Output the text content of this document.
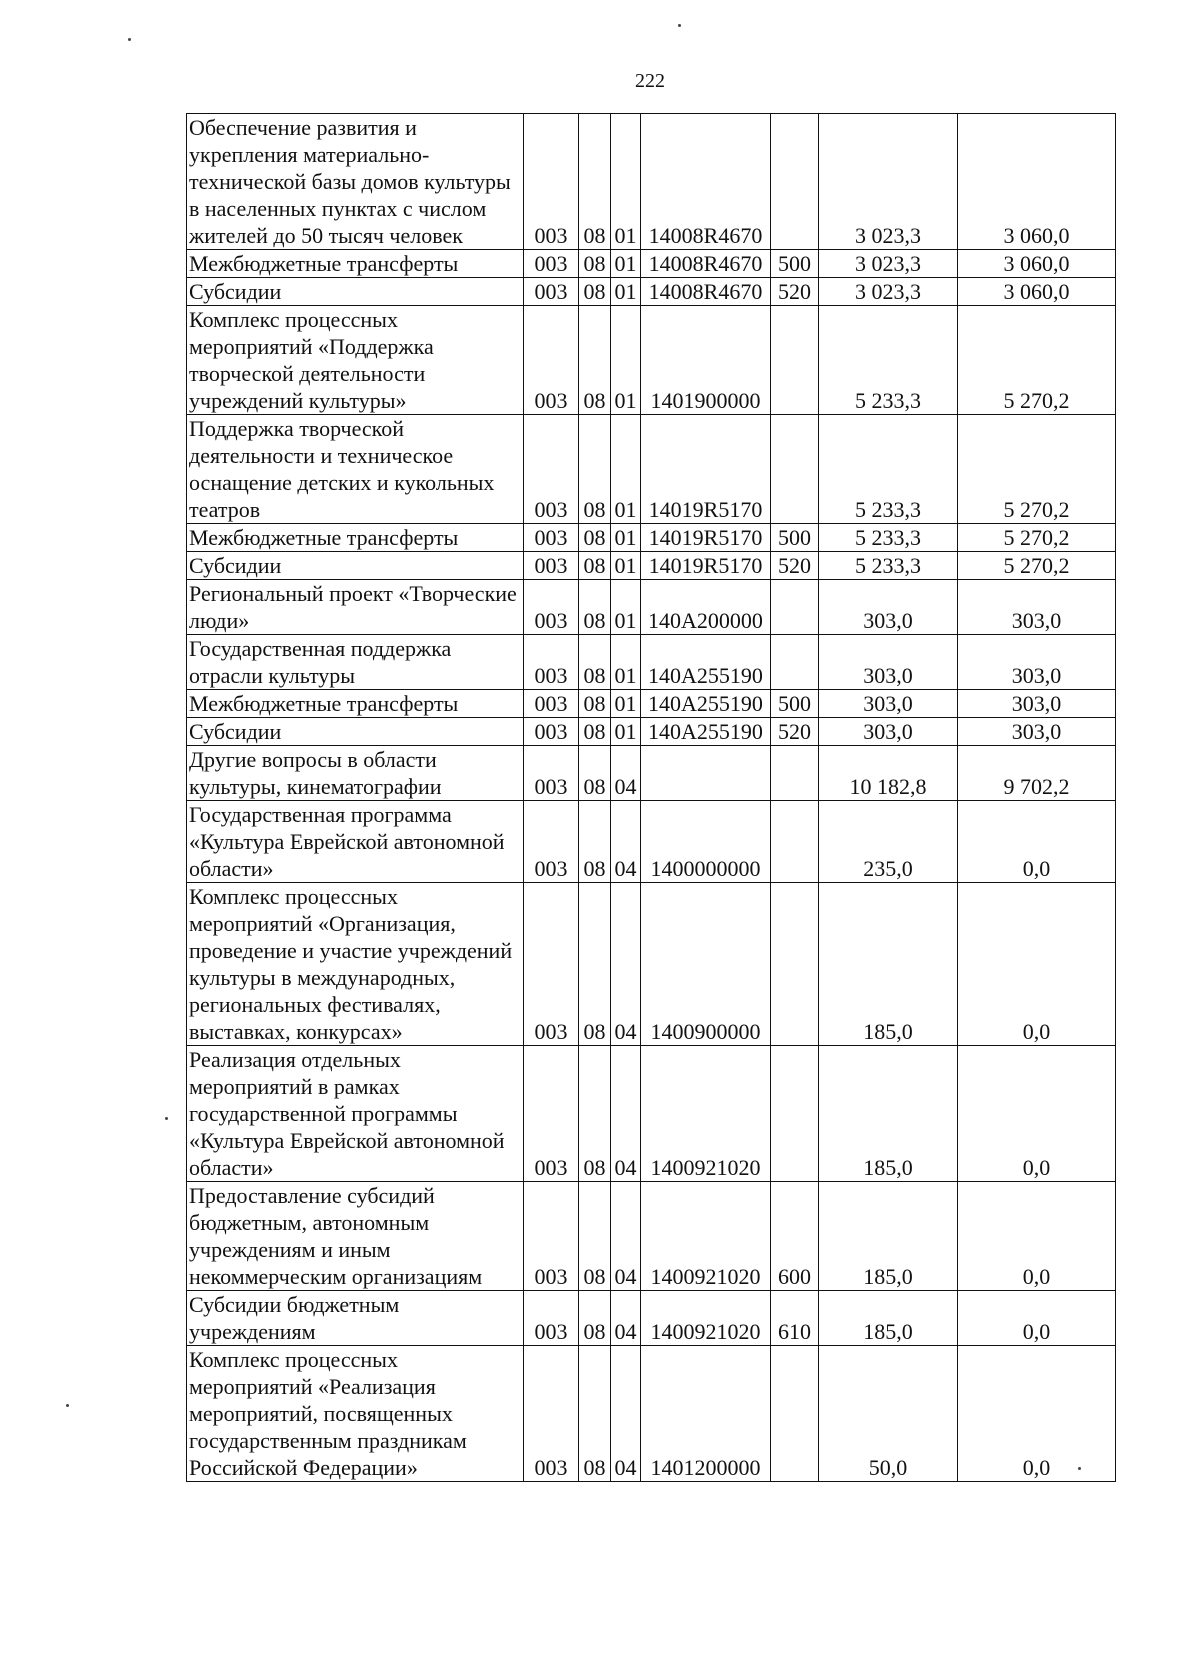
222
Обеспечение развития и укрепления материально-технической базы домов культуры в населенных пунктах с числом жителей до 50 тысяч человек	003	08	01	14008R4670		3 023,3	3 060,0
Межбюджетные трансферты	003	08	01	14008R4670	500	3 023,3	3 060,0
Субсидии	003	08	01	14008R4670	520	3 023,3	3 060,0
Комплекс процессных мероприятий «Поддержка творческой деятельности учреждений культуры»	003	08	01	1401900000		5 233,3	5 270,2
Поддержка творческой деятельности и техническое оснащение детских и кукольных театров	003	08	01	14019R5170		5 233,3	5 270,2
Межбюджетные трансферты	003	08	01	14019R5170	500	5 233,3	5 270,2
Субсидии	003	08	01	14019R5170	520	5 233,3	5 270,2
Региональный проект «Творческие люди»	003	08	01	140A200000		303,0	303,0
Государственная поддержка отрасли культуры	003	08	01	140A255190		303,0	303,0
Межбюджетные трансферты	003	08	01	140A255190	500	303,0	303,0
Субсидии	003	08	01	140A255190	520	303,0	303,0
Другие вопросы в области культуры, кинематографии	003	08	04			10 182,8	9 702,2
Государственная программа «Культура Еврейской автономной области»	003	08	04	1400000000		235,0	0,0
Комплекс процессных мероприятий «Организация, проведение и участие учреждений культуры в международных, региональных фестивалях, выставках, конкурсах»	003	08	04	1400900000		185,0	0,0
Реализация отдельных мероприятий в рамках государственной программы «Культура Еврейской автономной области»	003	08	04	1400921020		185,0	0,0
Предоставление субсидий бюджетным, автономным учреждениям и иным некоммерческим организациям	003	08	04	1400921020	600	185,0	0,0
Субсидии бюджетным учреждениям	003	08	04	1400921020	610	185,0	0,0
Комплекс процессных мероприятий «Реализация мероприятий, посвященных государственным праздникам Российской Федерации»	003	08	04	1401200000		50,0	0,0
